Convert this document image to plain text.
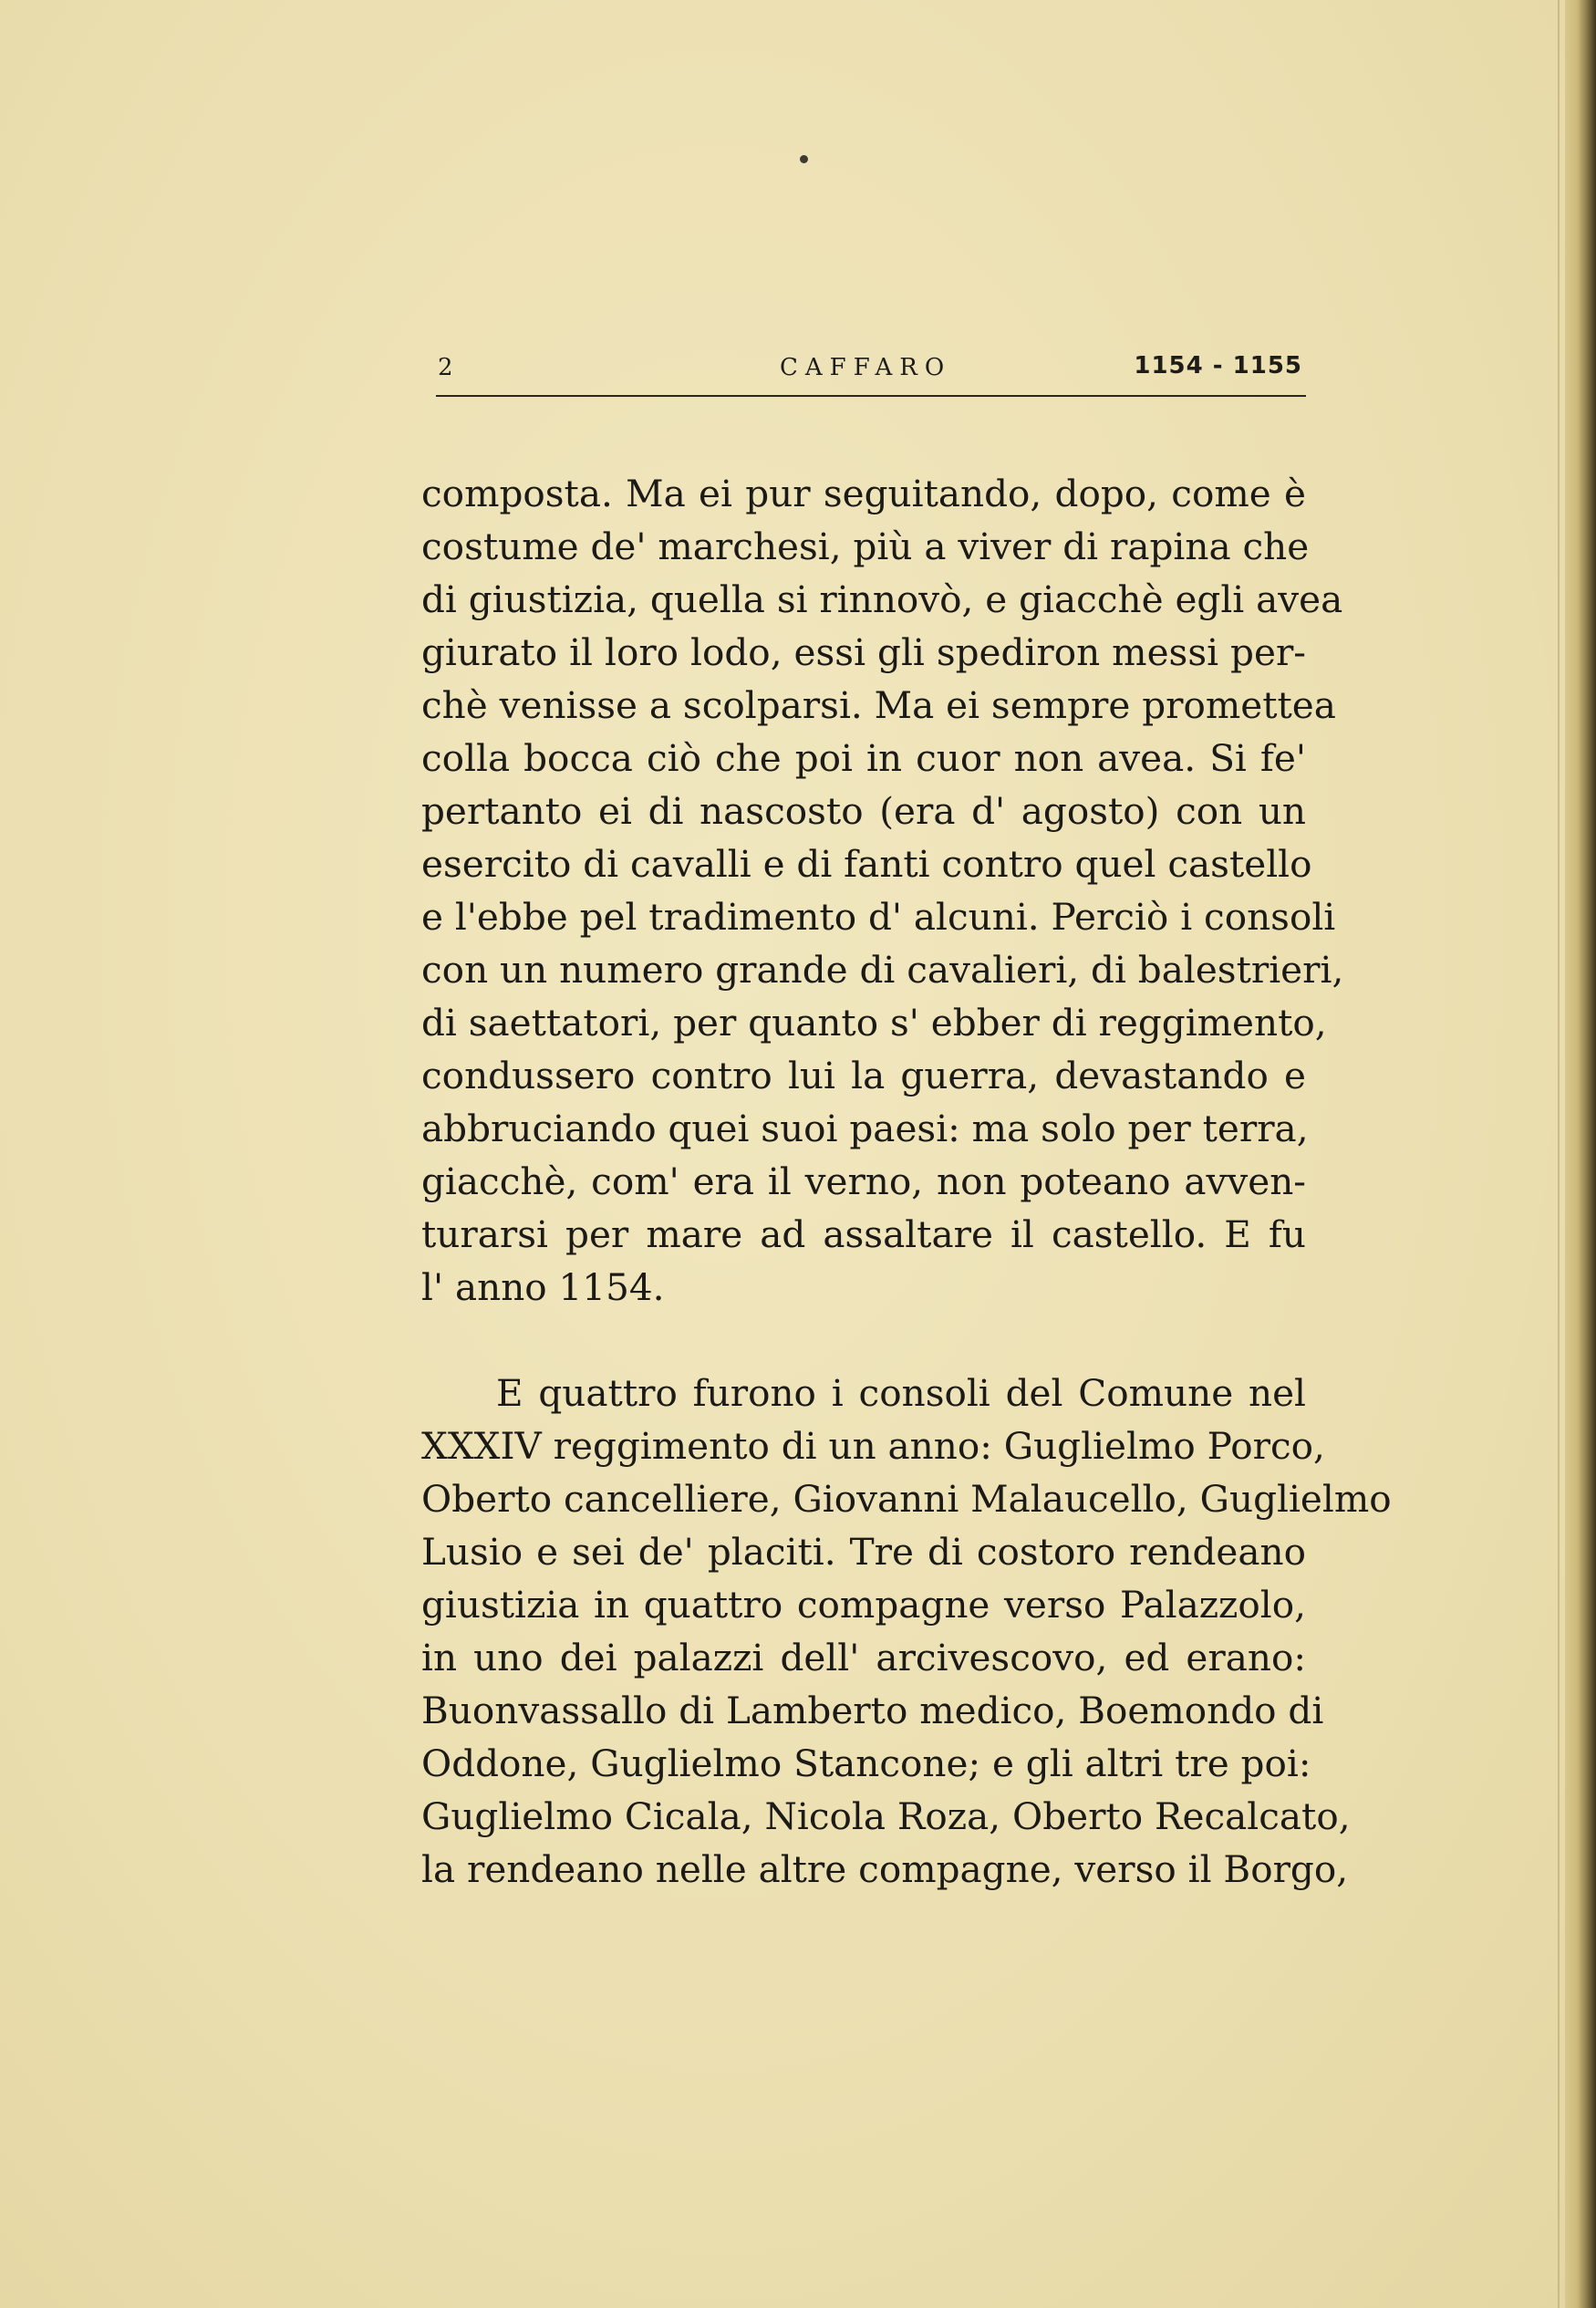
2	CAFFARO	1154 - 1155
composta. Ma ei pur seguitando, dopo, come è
costume de' marchesi, più a viver di rapina che
di giustizia, quella si rinnovò, e giacchè egli avea
giurato il loro lodo, essi gli spediron messi per-
chè venisse a scolparsi. Ma ei sempre promettea
colla bocca ciò che poi in cuor non avea. Si fe'
pertanto ei di nascosto (era d' agosto) con un
esercito di cavalli e di fanti contro quel castello
e l'ebbe pel tradimento d' alcuni. Perciò i consoli
con un numero grande di cavalieri, di balestrieri,
di saettatori, per quanto s' ebber di reggimento,
condussero contro lui la guerra, devastando e
abbruciando quei suoi paesi: ma solo per terra,
giacchè, com' era il verno, non poteano avven-
turarsi per mare ad assaltare il castello. E fu
l' anno 1154.
E quattro furono i consoli del Comune nel
XXXIV reggimento di un anno: Guglielmo Porco,
Oberto cancelliere, Giovanni Malaucello, Guglielmo
Lusio e sei de' placiti. Tre di costoro rendeano
giustizia in quattro compagne verso Palazzolo,
in uno dei palazzi dell' arcivescovo, ed erano:
Buonvassallo di Lamberto medico, Boemondo di
Oddone, Guglielmo Stancone; e gli altri tre poi:
Guglielmo Cicala, Nicola Roza, Oberto Recalcato,
la rendeano nelle altre compagne, verso il Borgo,
